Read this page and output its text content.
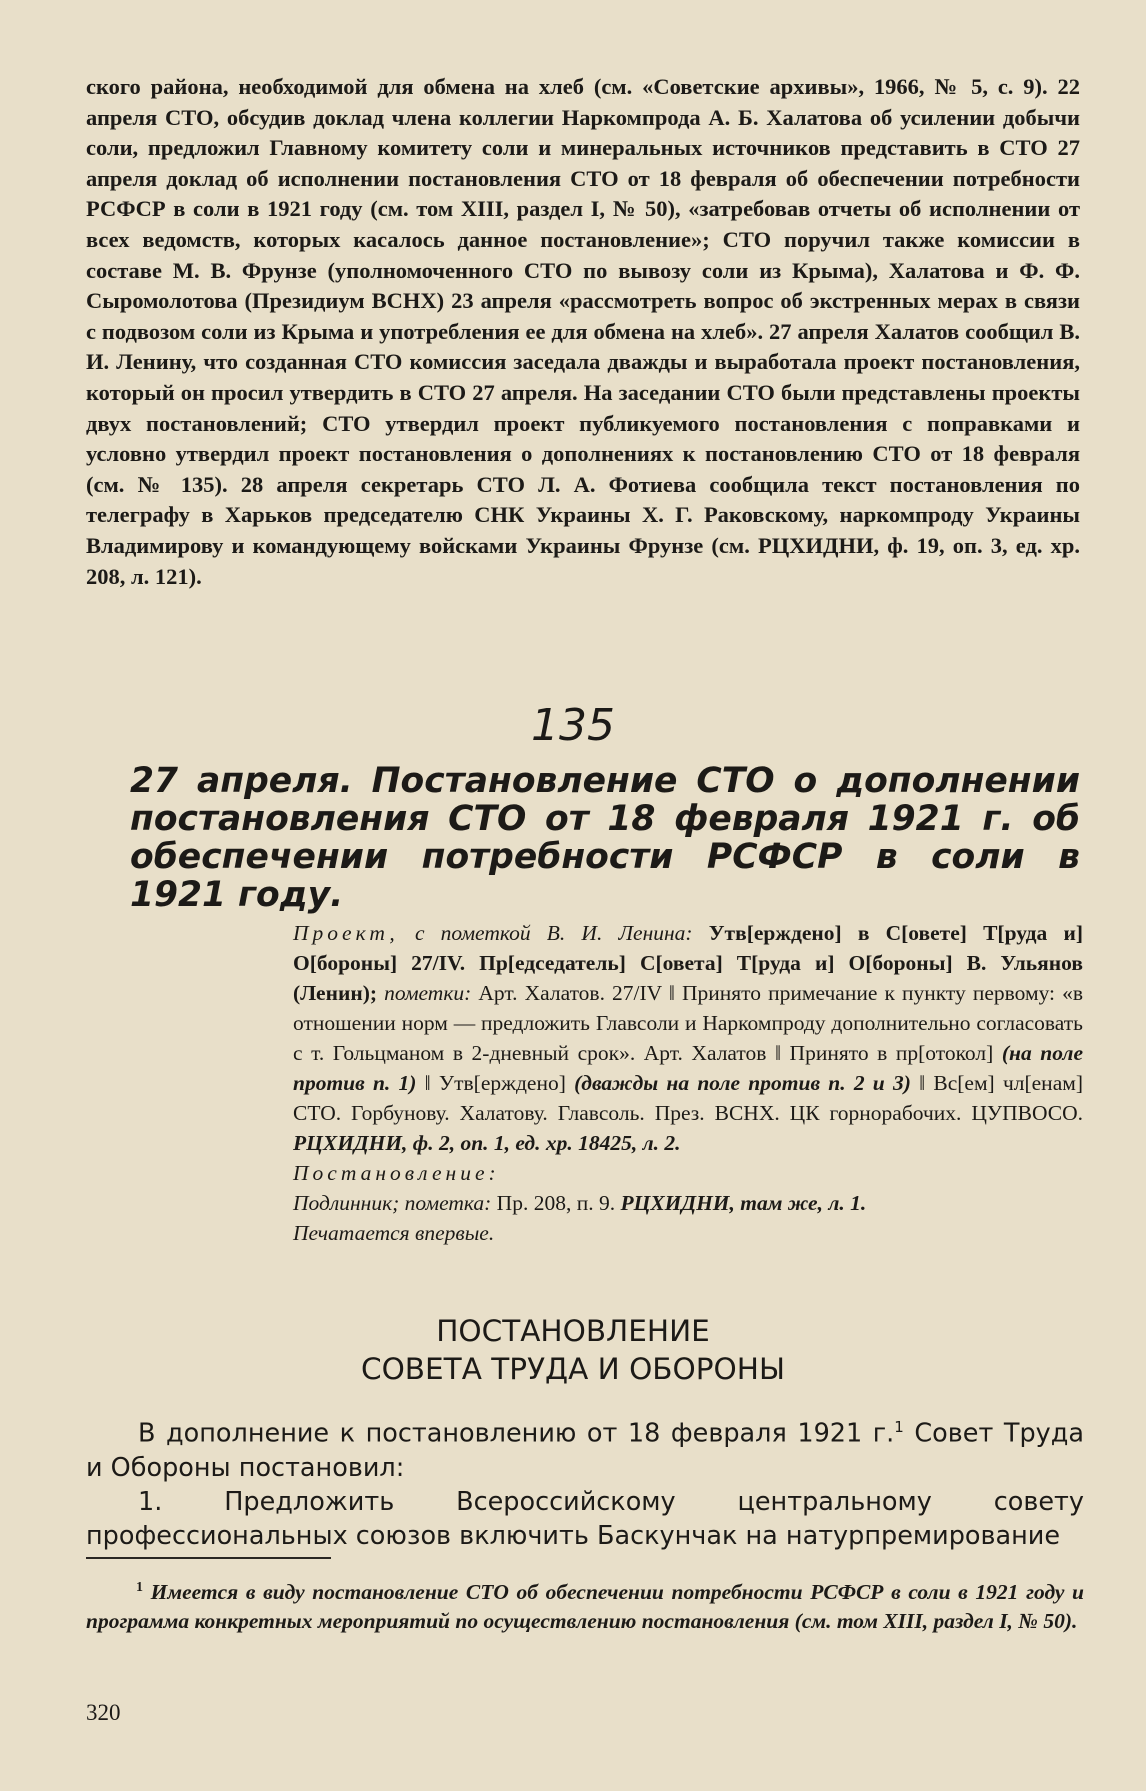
ского района, необходимой для обмена на хлеб (см. «Советские архивы», 1966, № 5, с. 9). 22 апреля СТО, обсудив доклад члена коллегии Наркомпрода А. Б. Халатова об усилении добычи соли, предложил Главному комитету соли и минеральных источников представить в СТО 27 апреля доклад об исполнении постановления СТО от 18 февраля об обеспечении потребности РСФСР в соли в 1921 году (см. том XIII, раздел I, № 50), «затребовав отчеты об исполнении от всех ведомств, которых касалось данное постановление»; СТО поручил также комиссии в составе М. В. Фрунзе (уполномоченного СТО по вывозу соли из Крыма), Халатова и Ф. Ф. Сыромолотова (Президиум ВСНХ) 23 апреля «рассмотреть вопрос об экстренных мерах в связи с подвозом соли из Крыма и употребления ее для обмена на хлеб». 27 апреля Халатов сообщил В. И. Ленину, что созданная СТО комиссия заседала дважды и выработала проект постановления, который он просил утвердить в СТО 27 апреля. На заседании СТО были представлены проекты двух постановлений; СТО утвердил проект публикуемого постановления с поправками и условно утвердил проект постановления о дополнениях к постановлению СТО от 18 февраля (см. № 135). 28 апреля секретарь СТО Л. А. Фотиева сообщила текст постановления по телеграфу в Харьков председателю СНК Украины Х. Г. Раковскому, наркомпроду Украины Владимирову и командующему войсками Украины Фрунзе (см. РЦХИДНИ, ф. 19, оп. 3, ед. хр. 208, л. 121).

135
27 апреля. Постановление СТО о дополнении постановления СТО от 18 февраля 1921 г. об обеспечении потребности РСФСР в соли в 1921 году.

Проект, с пометкой В. И. Ленина: Утв[ерждено] в С[овете] Т[руда и] О[бороны] 27/IV. Пр[едседатель] С[овета] Т[руда и] О[бороны] В. Ульянов (Ленин); пометки: Арт. Халатов. 27/IV ‖ Принято примечание к пункту первому: «в отношении норм — предложить Главсоли и Наркомпроду дополнительно согласовать с т. Гольцманом в 2-дневный срок». Арт. Халатов ‖ Принято в пр[отокол] (на поле против п. 1) ‖ Утв[ерждено] (дважды на поле против п. 2 и 3) ‖ Вс[ем] чл[енам] СТО. Горбунову. Халатову. Главсоль. През. ВСНХ. ЦК горнорабочих. ЦУПВОСО. РЦХИДНИ, ф. 2, оп. 1, ед. хр. 18425, л. 2.
Постановление:
Подлинник; пометка: Пр. 208, п. 9. РЦХИДНИ, там же, л. 1.
Печатается впервые.

ПОСТАНОВЛЕНИЕ
СОВЕТА ТРУДА И ОБОРОНЫ

В дополнение к постановлению от 18 февраля 1921 г.$^1$ Совет Труда и Обороны постановил:

1. Предложить Всероссийскому центральному совету профессиональных союзов включить Баскунчак на натурпремирование

$^1$ Имеется в виду постановление СТО об обеспечении потребности РСФСР в соли в 1921 году и программа конкретных мероприятий по осуществлению постановления (см. том XIII, раздел I, № 50).

320
